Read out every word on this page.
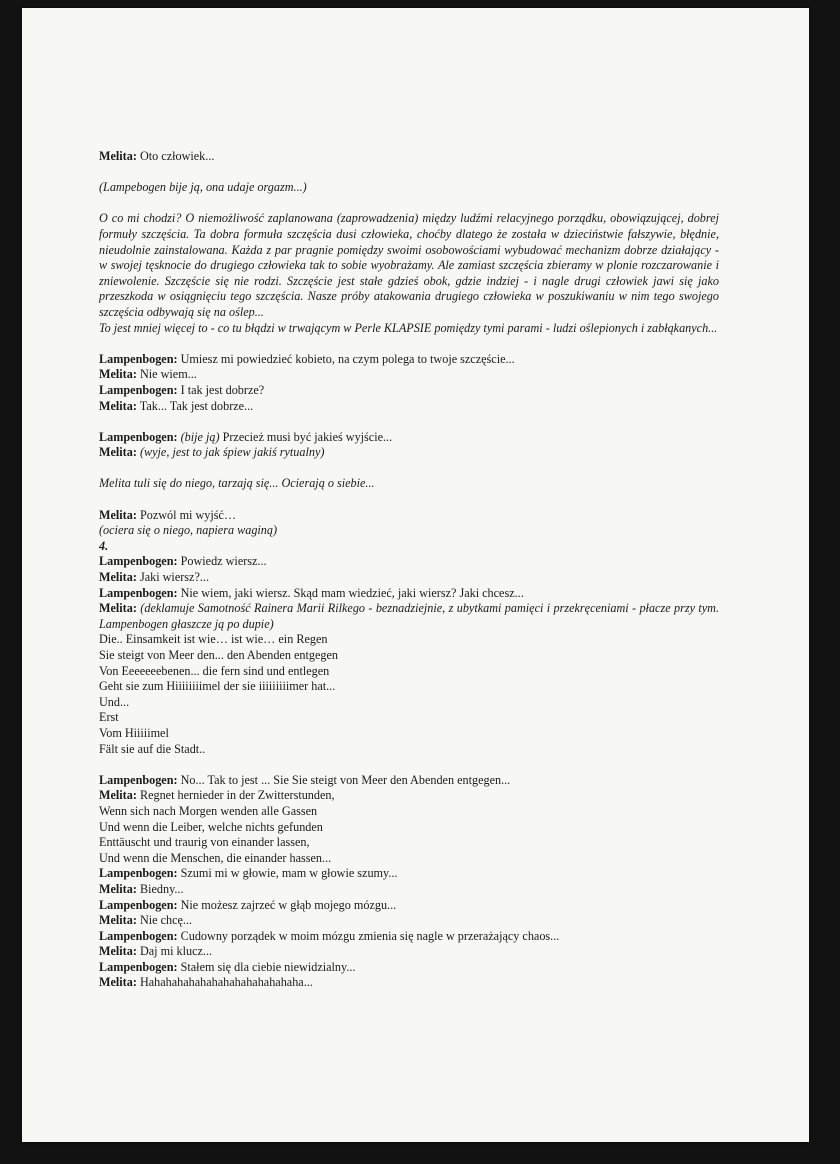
Melita: Oto człowiek...
(Lampebogen bije ją, ona udaje orgazm...)
O co mi chodzi? O niemożliwość zaplanowana (zaprowadzenia) między ludźmi relacyjnego porządku, obowiązującej, dobrej formuły szczęścia. Ta dobra formuła szczęścia dusi człowieka, choćby dlatego że została w dzieciństwie fałszywie, błędnie, nieudolnie zainstalowana. Każda z par pragnie pomiędzy swoimi osobowościami wybudować mechanizm dobrze działający - w swojej tęsknocie do drugiego człowieka tak to sobie wyobrażamy. Ale zamiast szczęścia zbieramy w plonie rozczarowanie i zniewolenie. Szczęście się nie rodzi. Szczęście jest stałe gdzieś obok, gdzie indziej - i nagle drugi człowiek jawi się jako przeszkoda w osiągnięciu tego szczęścia. Nasze próby atakowania drugiego człowieka w poszukiwaniu w nim tego swojego szczęścia odbywają się na oślep...
To jest mniej więcej to - co tu błądzi w trwającym w Perle KLAPSIE pomiędzy tymi parami - ludzi oślepionych i zabłąkanych...
Lampenbogen: Umiesz mi powiedzieć kobieto, na czym polega to twoje szczęście...
Melita: Nie wiem...
Lampenbogen: I tak jest dobrze?
Melita: Tak... Tak jest dobrze...
Lampenbogen: (bije ją) Przecież musi być jakieś wyjście...
Melita: (wyje, jest to jak śpiew jakiś rytualny)
Melita tuli się do niego, tarzają się... Ocierają o siebie...
Melita: Pozwól mi wyjść…
(ociera się o niego, napiera waginą)
4.
Lampenbogen: Powiedz wiersz...
Melita: Jaki wiersz?...
Lampenbogen: Nie wiem, jaki wiersz. Skąd mam wiedzieć, jaki wiersz? Jaki chcesz...
Melita: (deklamuje Samotność Rainera Marii Rilkego - beznadziejnie, z ubytkami pamięci i przekręceniami - płacze przy tym. Lampenbogen głaszcze ją po dupie)
Die.. Einsamkeit ist wie… ist wie… ein Regen
Sie steigt von Meer den... den Abenden entgegen
Von Eeeeeeebenen... die fern sind und entlegen
Geht sie zum Hiiiiiiiimel der sie iiiiiiiiimer hat...
Und...
Erst
Vom Hiiiiimel
Fält sie auf die Stadt..
Lampenbogen: No... Tak to jest ... Sie Sie steigt von Meer den Abenden entgegen...
Melita: Regnet hernieder in der Zwitterstunden,
Wenn sich nach Morgen wenden alle Gassen
Und wenn die Leiber, welche nichts gefunden
Enttäuscht und traurig von einander lassen,
Und wenn die Menschen, die einander hassen...
Lampenbogen: Szumi mi w głowie, mam w głowie szumy...
Melita: Biedny...
Lampenbogen: Nie możesz zajrzeć w głąb mojego mózgu...
Melita: Nie chcę...
Lampenbogen: Cudowny porządek w moim mózgu zmienia się nagle w przerażający chaos...
Melita: Daj mi klucz...
Lampenbogen: Stałem się dla ciebie niewidzialny...
Melita: Hahahahahahahahahahahahahaha...
